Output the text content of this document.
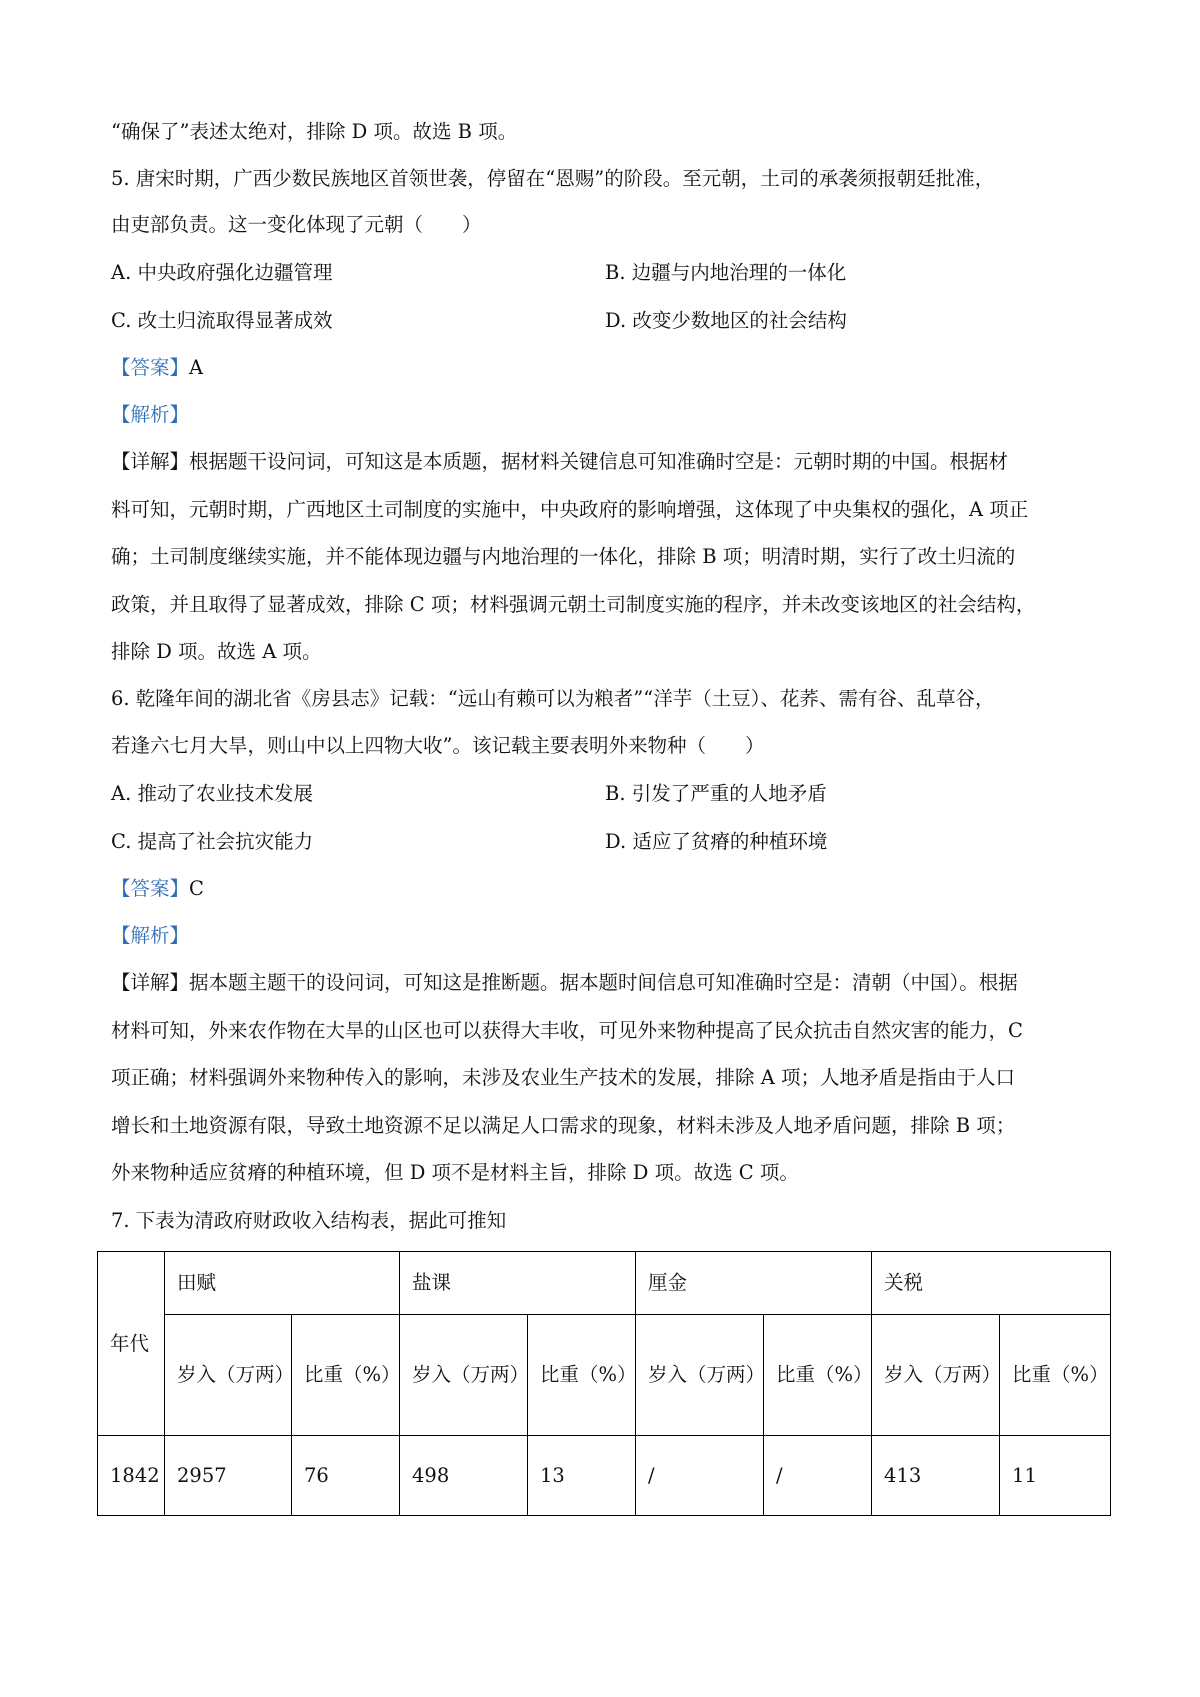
“确保了”表述太绝对，排除 D 项。故选 B 项。
5. 唐宋时期，广西少数民族地区首领世袭，停留在“恩赐”的阶段。至元朝，土司的承袭须报朝廷批准，
由吏部负责。这一变化体现了元朝（　　）
A. 中央政府强化边疆管理	B. 边疆与内地治理的一体化
C. 改土归流取得显著成效	D. 改变少数地区的社会结构
【答案】A
【解析】
【详解】根据题干设问词，可知这是本质题，据材料关键信息可知准确时空是：元朝时期的中国。根据材
料可知，元朝时期，广西地区土司制度的实施中，中央政府的影响增强，这体现了中央集权的强化，A 项正
确；土司制度继续实施，并不能体现边疆与内地治理的一体化，排除 B 项；明清时期，实行了改土归流的
政策，并且取得了显著成效，排除 C 项；材料强调元朝土司制度实施的程序，并未改变该地区的社会结构，
排除 D 项。故选 A 项。
6. 乾隆年间的湖北省《房县志》记载：“远山有赖可以为粮者”“洋芋（土豆）、花荞、需有谷、乱草谷，
若逢六七月大旱，则山中以上四物大收”。该记载主要表明外来物种（　　）
A. 推动了农业技术发展	B. 引发了严重的人地矛盾
C. 提高了社会抗灾能力	D. 适应了贫瘠的种植环境
【答案】C
【解析】
【详解】据本题主题干的设问词，可知这是推断题。据本题时间信息可知准确时空是：清朝（中国）。根据
材料可知，外来农作物在大旱的山区也可以获得大丰收，可见外来物种提高了民众抗击自然灾害的能力，C
项正确；材料强调外来物种传入的影响，未涉及农业生产技术的发展，排除 A 项；人地矛盾是指由于人口
增长和土地资源有限，导致土地资源不足以满足人口需求的现象，材料未涉及人地矛盾问题，排除 B 项；
外来物种适应贫瘠的种植环境，但 D 项不是材料主旨，排除 D 项。故选 C 项。
7. 下表为清政府财政收入结构表，据此可推知
年代	田赋		盐课		厘金		关税	
	岁入（万两）	比重（%）	岁入（万两）	比重（%）	岁入（万两）	比重（%）	岁入（万两）	比重（%）
1842	2957	76	498	13	/	/	413	11
